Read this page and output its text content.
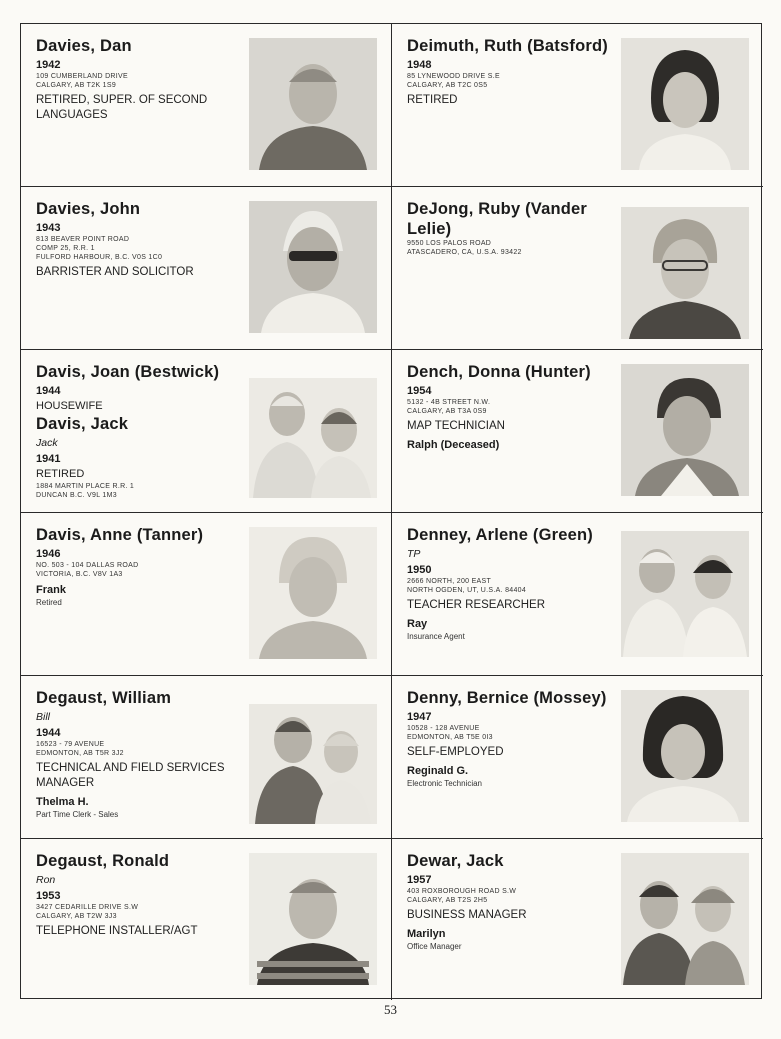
Davies, Dan
1942
109 CUMBERLAND DRIVE
CALGARY, AB T2K 1S9
RETIRED, SUPER. OF SECOND LANGUAGES
Deimuth, Ruth (Batsford)
1948
85 LYNEWOOD DRIVE S.E
CALGARY, AB T2C 0S5
RETIRED
Davies, John
1943
813 BEAVER POINT ROAD
COMP 25, R.R. 1
FULFORD HARBOUR, B.C. V0S 1C0
BARRISTER AND SOLICITOR
DeJong, Ruby (Vander Lelie)
9550 LOS PALOS ROAD
ATASCADERO, CA, U.S.A. 93422
Davis, Joan (Bestwick)
1944
HOUSEWIFE
Davis, Jack
Jack
1941
RETIRED
1884 MARTIN PLACE R.R. 1
DUNCAN B.C. V9L 1M3
Dench, Donna (Hunter)
1954
5132 - 4B STREET N.W.
CALGARY, AB T3A 0S9
MAP TECHNICIAN
Ralph (Deceased)
Davis, Anne (Tanner)
1946
NO. 503 - 104 DALLAS ROAD
VICTORIA, B.C. V8V 1A3
Frank
Retired
Denney, Arlene (Green)
TP
1950
2666 NORTH, 200 EAST
NORTH OGDEN, UT, U.S.A. 84404
TEACHER RESEARCHER
Ray
Insurance Agent
Degaust, William
Bill
1944
16523 - 79 AVENUE
EDMONTON, AB T5R 3J2
TECHNICAL AND FIELD SERVICES MANAGER
Thelma H.
Part Time Clerk - Sales
Denny, Bernice (Mossey)
1947
10528 - 128 AVENUE
EDMONTON, AB T5E 0I3
SELF-EMPLOYED
Reginald G.
Electronic Technician
Degaust, Ronald
Ron
1953
3427 CEDARILLE DRIVE S.W
CALGARY, AB T2W 3J3
TELEPHONE INSTALLER/AGT
Dewar, Jack
1957
403 ROXBOROUGH ROAD S.W
CALGARY, AB T2S 2H5
BUSINESS MANAGER
Marilyn
Office Manager
53
